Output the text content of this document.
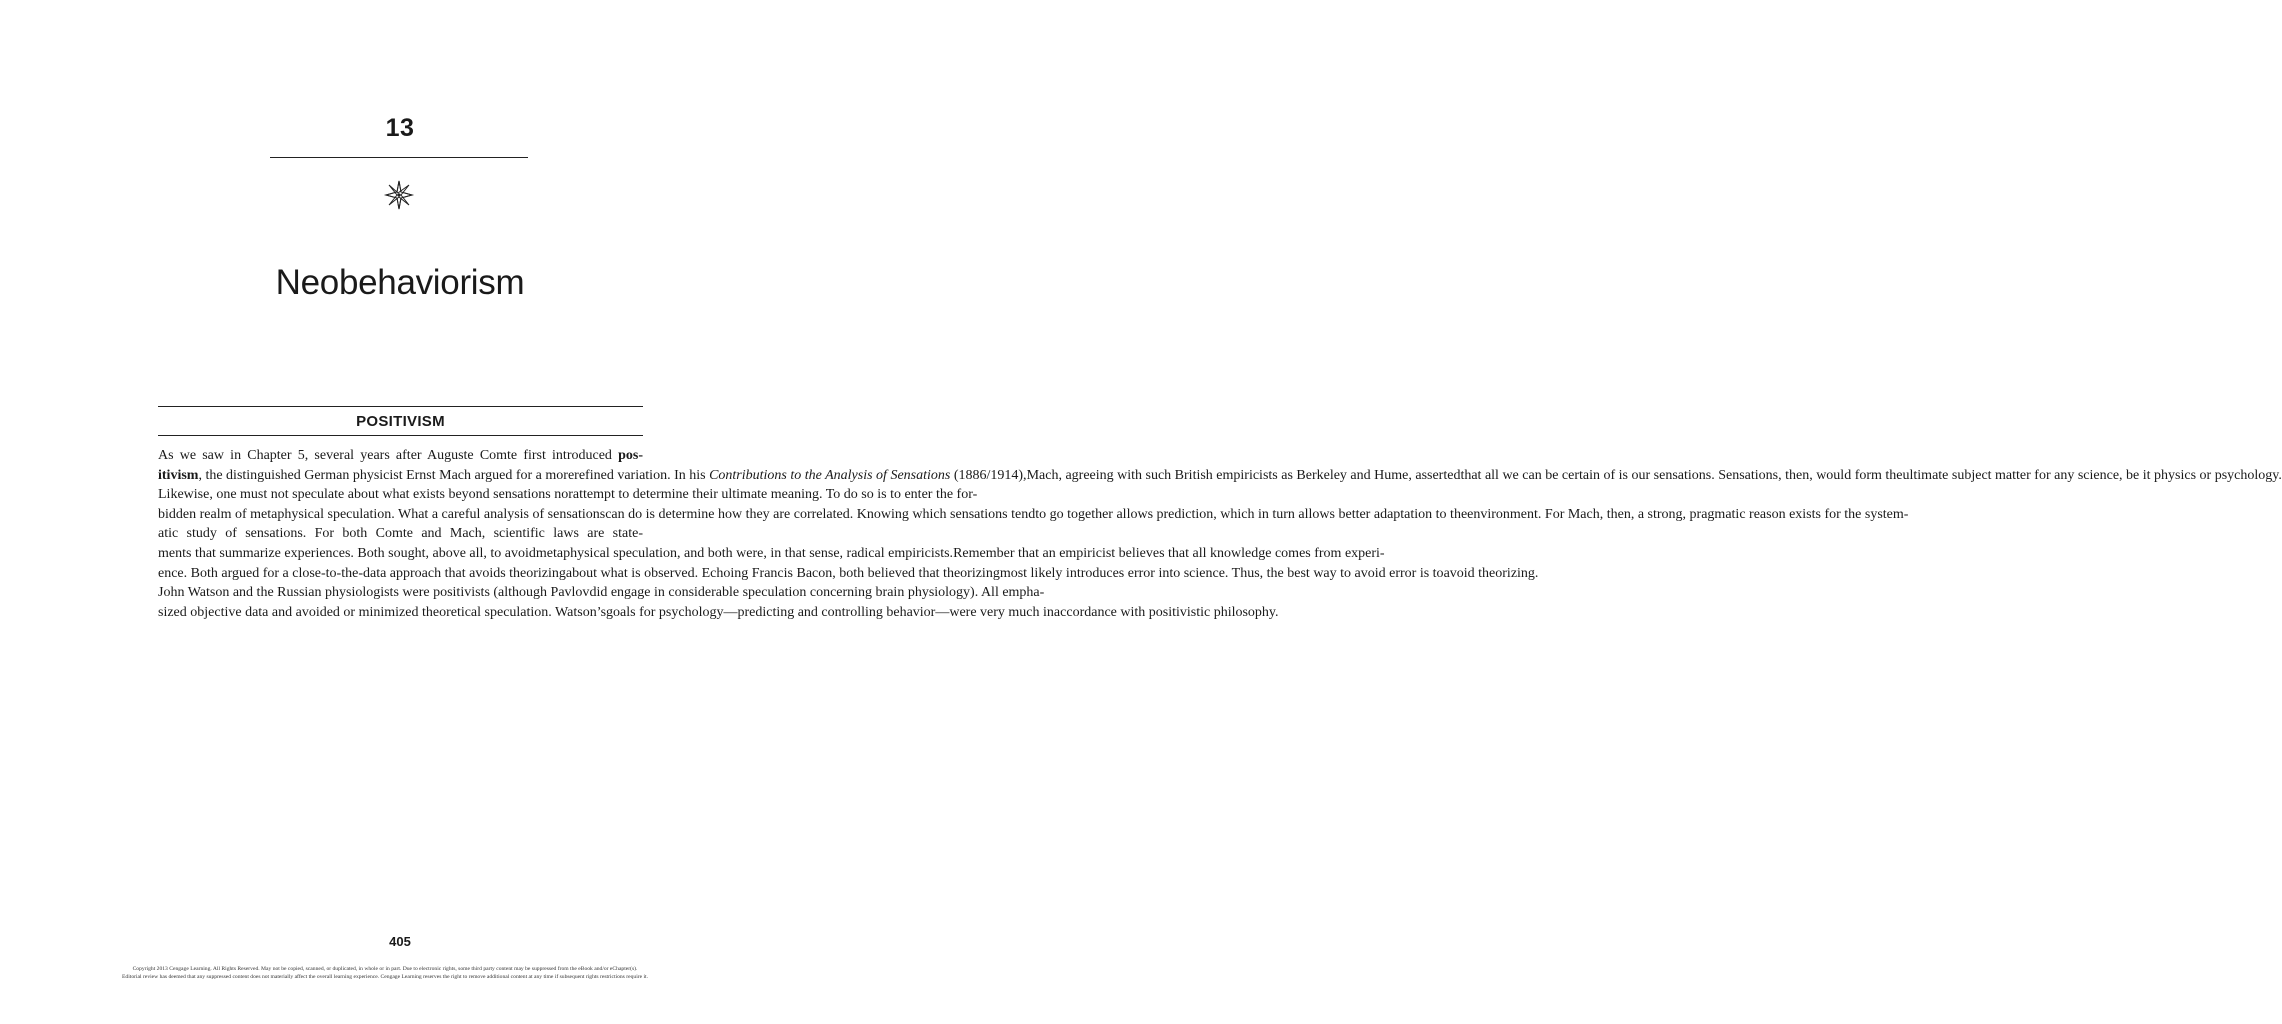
13
Neobehaviorism
POSITIVISM
As we saw in Chapter 5, several years after Auguste Comte first introduced pos-itivism, the distinguished German physicist Ernst Mach argued for a morerefined variation. In his Contributions to the Analysis of Sensations (1886/1914),Mach, agreeing with such British empiricists as Berkeley and Hume, assertedthat all we can be certain of is our sensations. Sensations, then, would form theultimate subject matter for any science, be it physics or psychology.
Likewise, one must not speculate about what exists beyond sensations norattempt to determine their ultimate meaning. To do so is to enter the for-bidden realm of metaphysical speculation. What a careful analysis of sensationscan do is determine how they are correlated. Knowing which sensations tendto go together allows prediction, which in turn allows better adaptation to theenvironment. For Mach, then, a strong, pragmatic reason exists for the system-atic study of sensations. For both Comte and Mach, scientific laws are state-ments that summarize experiences. Both sought, above all, to avoidmetaphysical speculation, and both were, in that sense, radical empiricists.Remember that an empiricist believes that all knowledge comes from experi-ence. Both argued for a close-to-the-data approach that avoids theorizingabout what is observed. Echoing Francis Bacon, both believed that theorizingmost likely introduces error into science. Thus, the best way to avoid error is toavoid theorizing.
John Watson and the Russian physiologists were positivists (although Pavlovdid engage in considerable speculation concerning brain physiology). All empha-sized objective data and avoided or minimized theoretical speculation. Watson’sgoals for psychology—predicting and controlling behavior—were very much inaccordance with positivistic philosophy.
405
Copyright 2013 Cengage Learning. All Rights Reserved. May not be copied, scanned, or duplicated, in whole or in part. Due to electronic rights, some third party content may be suppressed from the eBook and/or eChapter(s).
Editorial review has deemed that any suppressed content does not materially affect the overall learning experience. Cengage Learning reserves the right to remove additional content at any time if subsequent rights restrictions require it.
